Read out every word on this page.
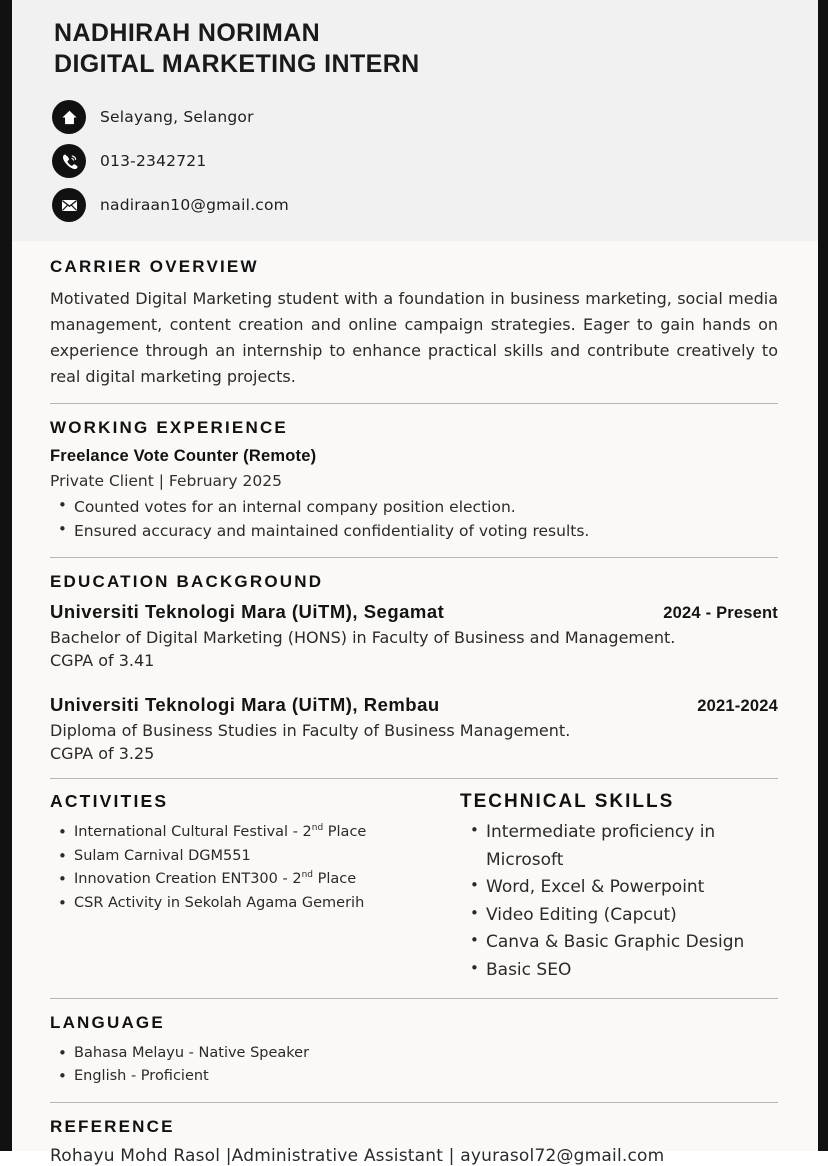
NADHIRAH NORIMAN
DIGITAL MARKETING INTERN
Selayang, Selangor
013-2342721
nadiraan10@gmail.com
CARRIER OVERVIEW

Motivated Digital Marketing student with a foundation in business marketing, social media management, content creation and online campaign strategies. Eager to gain hands on experience through an internship to enhance practical skills and contribute creatively to real digital marketing projects.

WORKING EXPERIENCE
Freelance Vote Counter (Remote)
Private Client | February 2025
• Counted votes for an internal company position election.
• Ensured accuracy and maintained confidentiality of voting results.
EDUCATION BACKGROUND
Universiti Teknologi Mara (UiTM), Segamat	2024 - Present
Bachelor of Digital Marketing (HONS) in Faculty of Business and Management.
CGPA of 3.41
Universiti Teknologi Mara (UiTM), Rembau	2021-2024
Diploma of Business Studies in Faculty of Business Management.
CGPA of 3.25
ACTIVITIES
• International Cultural Festival - 2nd Place
• Sulam Carnival DGM551
• Innovation Creation ENT300 - 2nd Place
• CSR Activity in Sekolah Agama Gemerih
TECHNICAL SKILLS
• Intermediate proficiency in Microsoft
• Word, Excel & Powerpoint
• Video Editing (Capcut)
• Canva & Basic Graphic Design
• Basic SEO
LANGUAGE
• Bahasa Melayu - Native Speaker
• English - Proficient
REFERENCE
Rohayu Mohd Rasol |Administrative Assistant | ayurasol72@gmail.com
